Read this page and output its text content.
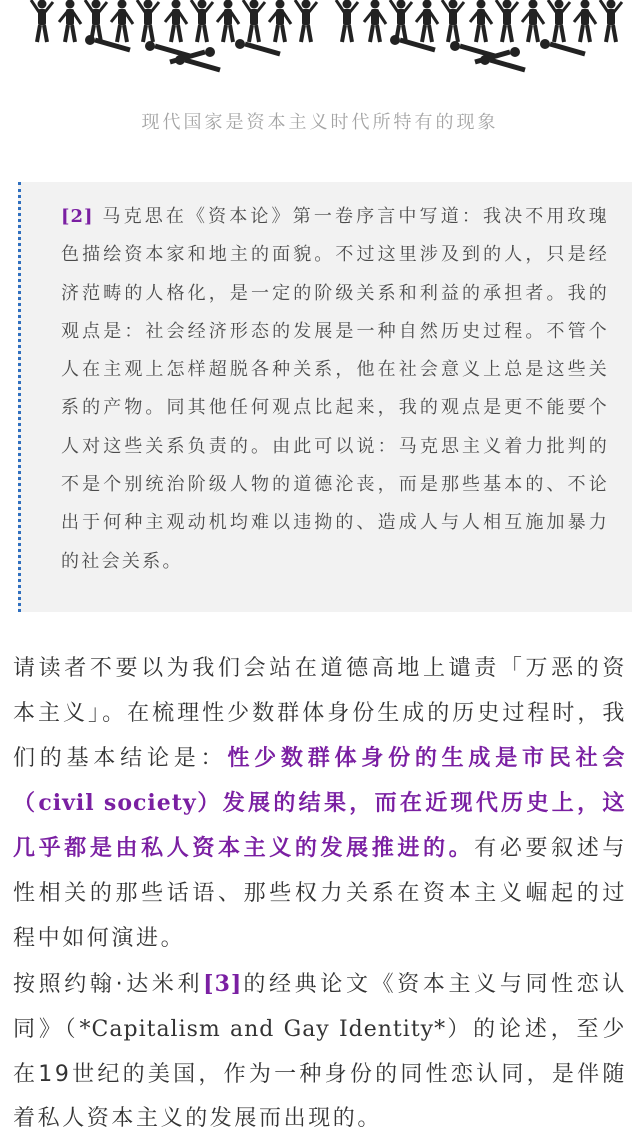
现代国家是资本主义时代所特有的现象
[2] 马克思在《资本论》第一卷序言中写道：我决不用玫瑰色描绘资本家和地主的面貌。不过这里涉及到的人，只是经济范畴的人格化，是一定的阶级关系和利益的承担者。我的观点是：社会经济形态的发展是一种自然历史过程。不管个人在主观上怎样超脱各种关系，他在社会意义上总是这些关系的产物。同其他任何观点比起来，我的观点是更不能要个人对这些关系负责的。由此可以说：马克思主义着力批判的不是个别统治阶级人物的道德沦丧，而是那些基本的、不论出于何种主观动机均难以违拗的、造成人与人相互施加暴力的社会关系。
请读者不要以为我们会站在道德高地上谴责「万恶的资本主义」。在梳理性少数群体身份生成的历史过程时，我们的基本结论是：性少数群体身份的生成是市民社会（civil society）发展的结果，而在近现代历史上，这几乎都是由私人资本主义的发展推进的。有必要叙述与性相关的那些话语、那些权力关系在资本主义崛起的过程中如何演进。
按照约翰·达米利[3]的经典论文《资本主义与同性恋认同》（*Capitalism and Gay Identity*）的论述，至少在19世纪的美国，作为一种身份的同性恋认同，是伴随着私人资本主义的发展而出现的。
